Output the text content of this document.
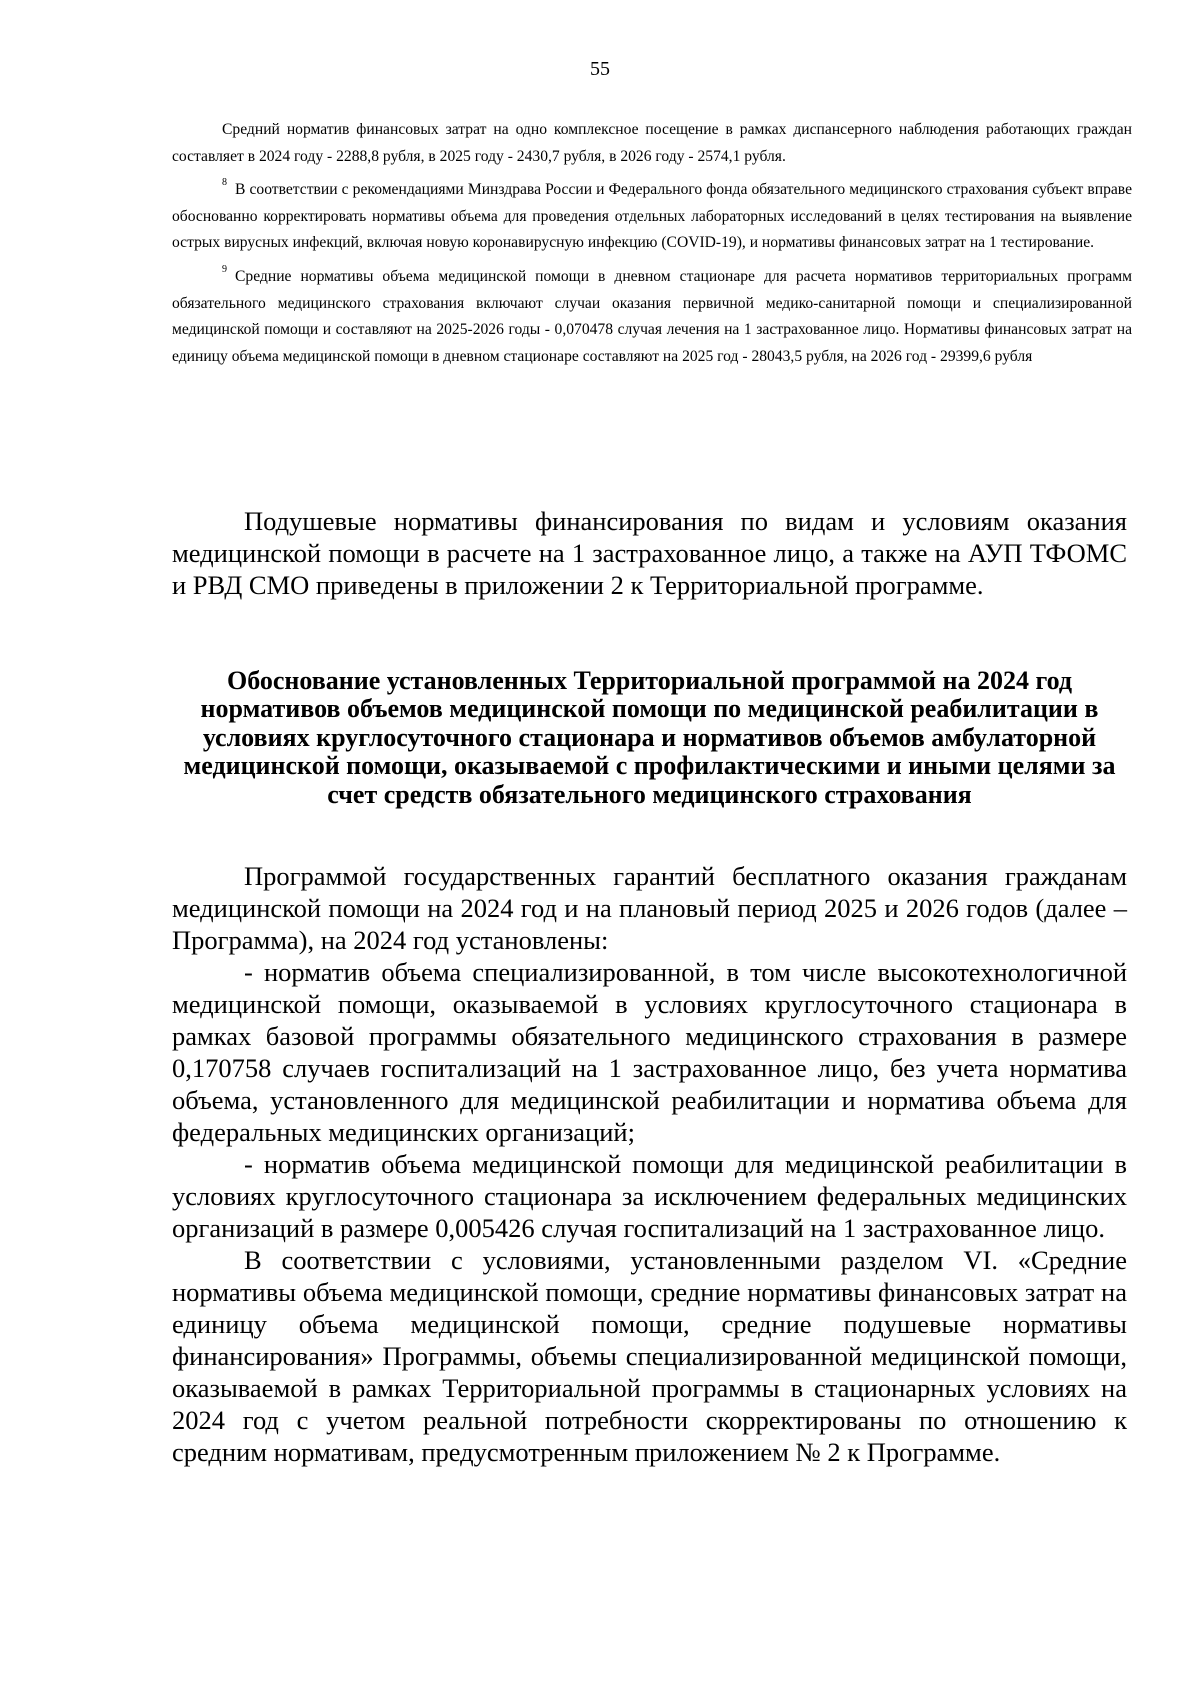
55

Средний норматив финансовых затрат на одно комплексное посещение в рамках диспансерного наблюдения работающих граждан составляет в 2024 году - 2288,8 рубля, в 2025 году - 2430,7 рубля, в 2026 году - 2574,1 рубля.

$^8$ В соответствии с рекомендациями Минздрава России и Федерального фонда обязательного медицинского страхования субъект вправе обоснованно корректировать нормативы объема для проведения отдельных лабораторных исследований в целях тестирования на выявление острых вирусных инфекций, включая новую коронавирусную инфекцию (COVID-19), и нормативы финансовых затрат на 1 тестирование.

$^9$ Средние нормативы объема медицинской помощи в дневном стационаре для расчета нормативов территориальных программ обязательного медицинского страхования включают случаи оказания первичной медико-санитарной помощи и специализированной медицинской помощи и составляют на 2025-2026 годы - 0,070478 случая лечения на 1 застрахованное лицо. Нормативы финансовых затрат на единицу объема медицинской помощи в дневном стационаре составляют на 2025 год - 28043,5 рубля, на 2026 год - 29399,6 рубля

Подушевые нормативы финансирования по видам и условиям оказания медицинской помощи в расчете на 1 застрахованное лицо, а также на АУП ТФОМС и РВД СМО приведены в приложении 2 к Территориальной программе.

Обоснование установленных Территориальной программой на 2024 год нормативов объемов медицинской помощи по медицинской реабилитации в условиях круглосуточного стационара и нормативов объемов амбулаторной медицинской помощи, оказываемой с профилактическими и иными целями за счет средств обязательного медицинского страхования

Программой государственных гарантий бесплатного оказания гражданам медицинской помощи на 2024 год и на плановый период 2025 и 2026 годов (далее – Программа), на 2024 год установлены:

- норматив объема специализированной, в том числе высокотехнологичной медицинской помощи, оказываемой в условиях круглосуточного стационара в рамках базовой программы обязательного медицинского страхования в размере 0,170758 случаев госпитализаций на 1 застрахованное лицо, без учета норматива объема, установленного для медицинской реабилитации и норматива объема для федеральных медицинских организаций;

- норматив объема медицинской помощи для медицинской реабилитации в условиях круглосуточного стационара за исключением федеральных медицинских организаций в размере 0,005426 случая госпитализаций на 1 застрахованное лицо.

В соответствии с условиями, установленными разделом VI. «Средние нормативы объема медицинской помощи, средние нормативы финансовых затрат на единицу объема медицинской помощи, средние подушевые нормативы финансирования» Программы, объемы специализированной медицинской помощи, оказываемой в рамках Территориальной программы в стационарных условиях на 2024 год с учетом реальной потребности скорректированы по отношению к средним нормативам, предусмотренным приложением № 2 к Программе.
